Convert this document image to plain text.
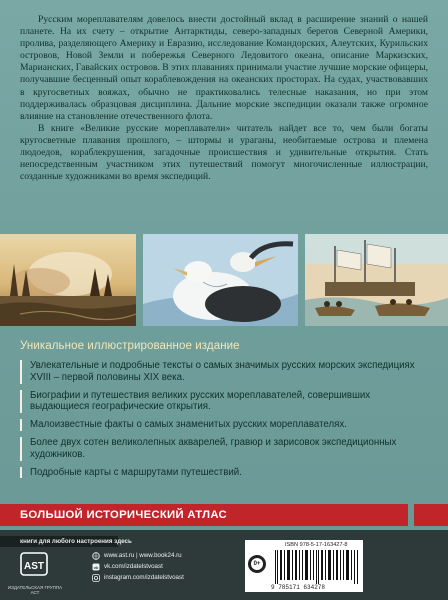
Русским мореплавателям довелось внести достойный вклад в расширение знаний о нашей планете. На их счету – открытие Антарктиды, северо-западных берегов Северной Америки, пролива, разделяющего Америку и Евразию, исследование Командорских, Алеутских, Курильских островов, Новой Земли и побережья Северного Ледовитого океана, описание Маркизских, Марианских, Гавайских островов. В этих плаваниях принимали участие лучшие морские офицеры, получавшие бесценный опыт кораблевождения на океанских просторах. На судах, участвовавших в кругосветных вояжах, обычно не практиковались телесные наказания, но при этом поддерживалась образцовая дисциплина. Дальние морские экспедиции оказали также огромное влияние на становление отечественного флота.

В книге «Великие русские мореплаватели» читатель найдет все то, чем были богаты кругосветные плавания прошлого, – штормы и ураганы, необитаемые острова и племена людоедов, кораблекрушения, загадочные происшествия и удивительные открытия. Стать непосредственным участником этих путешествий помогут многочисленные иллюстрации, созданные художниками во время экспедиций.

Уникальное иллюстрированное издание
Увлекательные и подробные тексты о самых значимых русских морских экспедициях XVIII – первой половины XIX века.
Биографии и путешествия великих русских мореплавателей, совершивших выдающиеся географические открытия.
Малоизвестные факты о самых знаменитых русских мореплавателях.
Более двух сотен великолепных акварелей, гравюр и зарисовок экспедиционных художников.
Подробные карты с маршрутами путешествий.
БОЛЬШОЙ ИСТОРИЧЕСКИЙ АТЛАС
книги для любого настроения здесь
AST
ИЗДАТЕЛЬСКАЯ ГРУППА АСТ
www.ast.ru | www.book24.ru
vk vk.com/izdatelstvoast
instagram.com/izdatelstvoast
ISBN 978-5-17-163427-8
0+
9 785171 634278
